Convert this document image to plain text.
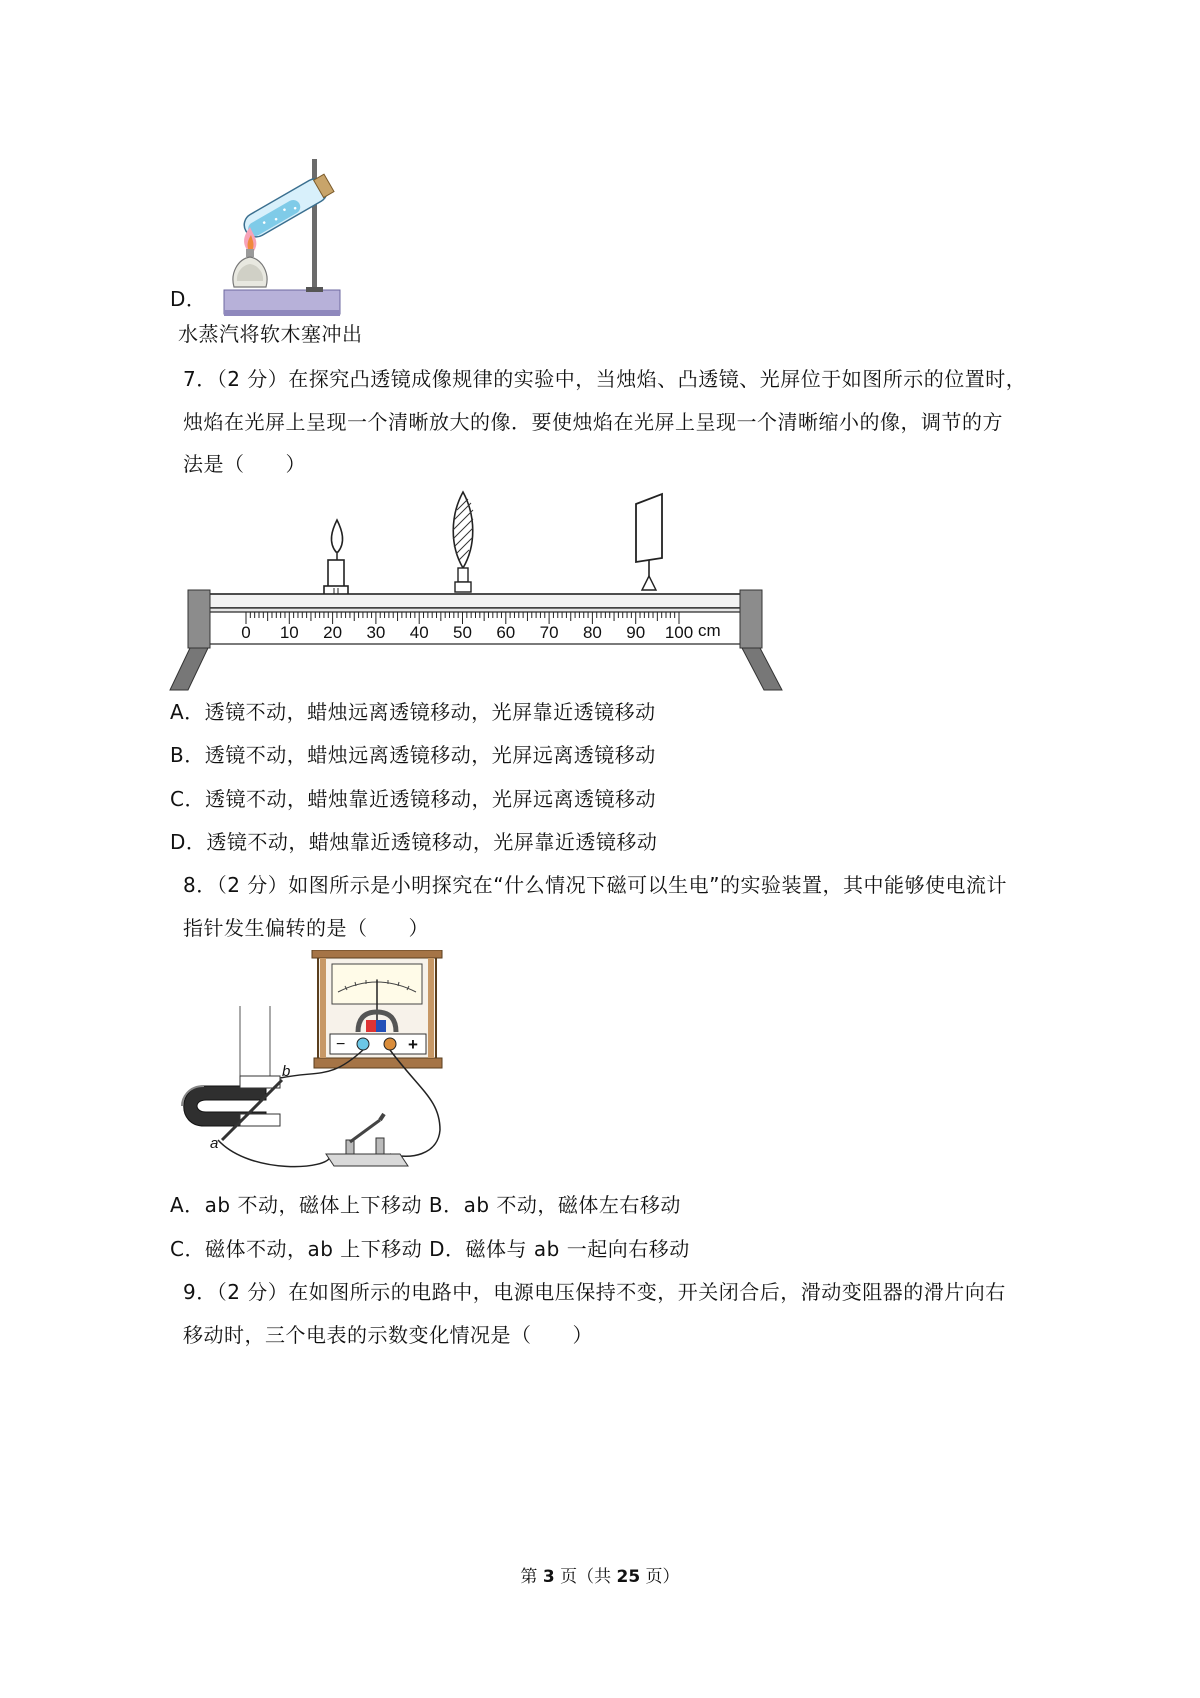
D．
水蒸汽将软木塞冲出
7．（2 分）在探究凸透镜成像规律的实验中，当烛焰、凸透镜、光屏位于如图所示的位置时，
烛焰在光屏上呈现一个清晰放大的像．要使烛焰在光屏上呈现一个清晰缩小的像，调节的方
法是（　　）
0 10 20 30 40 50 60 70 80 90 100 cm
A．透镜不动，蜡烛远离透镜移动，光屏靠近透镜移动
B．透镜不动，蜡烛远离透镜移动，光屏远离透镜移动
C．透镜不动，蜡烛靠近透镜移动，光屏远离透镜移动
D．透镜不动，蜡烛靠近透镜移动，光屏靠近透镜移动
8．（2 分）如图所示是小明探究在“什么情况下磁可以生电”的实验装置，其中能够使电流计
指针发生偏转的是（　　）
−	+
a
b
A．ab 不动，磁体上下移动 B．ab 不动，磁体左右移动
C．磁体不动，ab 上下移动 D．磁体与 ab 一起向右移动
9．（2 分）在如图所示的电路中，电源电压保持不变，开关闭合后，滑动变阻器的滑片向右
移动时，三个电表的示数变化情况是（　　）
第 3 页（共 25 页）
